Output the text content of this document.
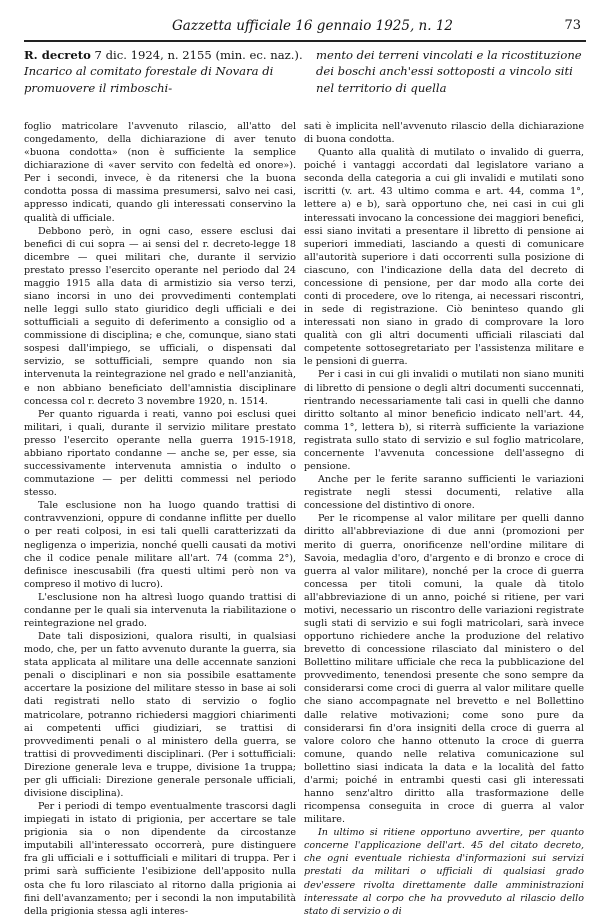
Gazzetta ufficiale 16 gennaio 1925, n. 12	73
R. decreto 7 dic. 1924, n. 2155 (min. ec. naz.). Incarico al comitato forestale di Novara di promuovere il rimboschi-
mento dei terreni vincolati e la ricostituzione dei boschi anch'essi sottoposti a vincolo siti nel territorio di quella

foglio matricolare l'avvenuto rilascio, all'atto del congedamento, della dichiarazione di aver tenuto «buona condotta» (non è sufficiente la semplice dichiarazione di «aver servito con fedeltà ed onore»). Per i secondi, invece, è da ritenersi che la buona condotta possa di massima presumersi, salvo nei casi, appresso indicati, quando gli interessati conservino la qualità di ufficiale.

Debbono però, in ogni caso, essere esclusi dai benefici di cui sopra — ai sensi del r. decreto-legge 18 dicembre — quei militari che, durante il servizio prestato presso l'esercito operante nel periodo dal 24 maggio 1915 alla data di armistizio sia verso terzi, siano incorsi in uno dei provvedimenti contemplati nelle leggi sullo stato giuridico degli ufficiali e dei sottufficiali a seguito di deferimento a consiglio od a commissione di disciplina; e che, comunque, siano stati sospesi dall'impiego, se ufficiali, o dispensati dal servizio, se sottufficiali, sempre quando non sia intervenuta la reintegrazione nel grado e nell'anzianità, e non abbiano beneficiato dell'amnistia disciplinare concessa col r. decreto 3 novembre 1920, n. 1514.

Per quanto riguarda i reati, vanno poi esclusi quei militari, i quali, durante il servizio militare prestato presso l'esercito operante nella guerra 1915-1918, abbiano riportato condanne — anche se, per esse, sia successivamente intervenuta amnistia o indulto o commutazione — per delitti commessi nel periodo stesso.

Tale esclusione non ha luogo quando trattisi di contravvenzioni, oppure di condanne inflitte per duello o per reati colposi, in esi tali quelli caratterizzati da negligenza o imperizia, nonché quelli causati da motivi che il codice penale militare all'art. 74 (comma 2°), definisce inescusabili (fra questi ultimi però non va compreso il motivo di lucro).

L'esclusione non ha altresì luogo quando trattisi di condanne per le quali sia intervenuta la riabilitazione o reintegrazione nel grado.

Date tali disposizioni, qualora risulti, in qualsiasi modo, che, per un fatto avvenuto durante la guerra, sia stata applicata al militare una delle accennate sanzioni penali o disciplinari e non sia possibile esattamente accertare la posizione del militare stesso in base ai soli dati registrati nello stato di servizio o foglio matricolare, potranno richiedersi maggiori chiarimenti ai competenti uffici giudiziari, se trattisi di provvedimenti penali o al ministero della guerra, se trattisi di provvedimenti disciplinari. (Per i sottufficiali: Direzione generale leva e truppe, divisione 1a truppa; per gli ufficiali: Direzione generale personale ufficiali, divisione disciplina).

Per i periodi di tempo eventualmente trascorsi dagli impiegati in istato di prigionia, per accertare se tale prigionia sia o non dipendente da circostanze imputabili all'interessato occorrerà, pure distinguere fra gli ufficiali e i sottufficiali e militari di truppa. Per i primi sarà sufficiente l'esibizione dell'apposito nulla osta che fu loro rilasciato al ritorno dalla prigionia ai fini dell'avanzamento; per i secondi la non imputabilità della prigionia stessa agli interes-

sati è implicita nell'avvenuto rilascio della dichiarazione di buona condotta.

Quanto alla qualità di mutilato o invalido di guerra, poiché i vantaggi accordati dal legislatore variano a seconda della categoria a cui gli invalidi e mutilati sono iscritti (v. art. 43 ultimo comma e art. 44, comma 1°, lettere a) e b), sarà opportuno che, nei casi in cui gli interessati invocano la concessione dei maggiori benefici, essi siano invitati a presentare il libretto di pensione ai superiori immediati, lasciando a questi di comunicare all'autorità superiore i dati occorrenti sulla posizione di ciascuno, con l'indicazione della data del decreto di concessione di pensione, per dar modo alla corte dei conti di procedere, ove lo ritenga, ai necessari riscontri, in sede di registrazione. Ciò beninteso quando gli interessati non siano in grado di comprovare la loro qualità con gli altri documenti ufficiali rilasciati dal competente sottosegretariato per l'assistenza militare e le pensioni di guerra.

Per i casi in cui gli invalidi o mutilati non siano muniti di libretto di pensione o degli altri documenti succennati, rientrando necessariamente tali casi in quelli che danno diritto soltanto al minor beneficio indicato nell'art. 44, comma 1°, lettera b), si riterrà sufficiente la variazione registrata sullo stato di servizio e sul foglio matricolare, concernente l'avvenuta concessione dell'assegno di pensione.

Anche per le ferite saranno sufficienti le variazioni registrate negli stessi documenti, relative alla concessione del distintivo di onore.

Per le ricompense al valor militare per quelli danno diritto all'abbreviazione di due anni (promozioni per merito di guerra, onorificenze nell'ordine militare di Savoia, medaglia d'oro, d'argento e di bronzo e croce di guerra al valor militare), nonché per la croce di guerra concessa per titoli comuni, la quale dà titolo all'abbreviazione di un anno, poiché si ritiene, per vari motivi, necessario un riscontro delle variazioni registrate sugli stati di servizio e sui fogli matricolari, sarà invece opportuno richiedere anche la produzione del relativo brevetto di concessione rilasciato dal ministero o del Bollettino militare ufficiale che reca la pubblicazione del provvedimento, tenendosi presente che sono sempre da considerarsi come croci di guerra al valor militare quelle che siano accompagnate nel brevetto e nel Bollettino dalle relative motivazioni; come sono pure da considerarsi fin d'ora insigniti della croce di guerra al valore coloro che hanno ottenuto la croce di guerra comune, quando nelle relativa comunicazione sul bollettino siasi indicata la data e la località del fatto d'armi; poiché in entrambi questi casi gli interessati hanno senz'altro diritto alla trasformazione delle ricompensa conseguita in croce di guerra al valor militare.

In ultimo si ritiene opportuno avvertire, per quanto concerne l'applicazione dell'art. 45 del citato decreto, che ogni eventuale richiesta d'informazioni sui servizi prestati da militari o ufficiali di qualsiasi grado dev'essere rivolta direttamente dalle amministrazioni interessate al corpo che ha provveduto al rilascio dello stato di servizio o di
